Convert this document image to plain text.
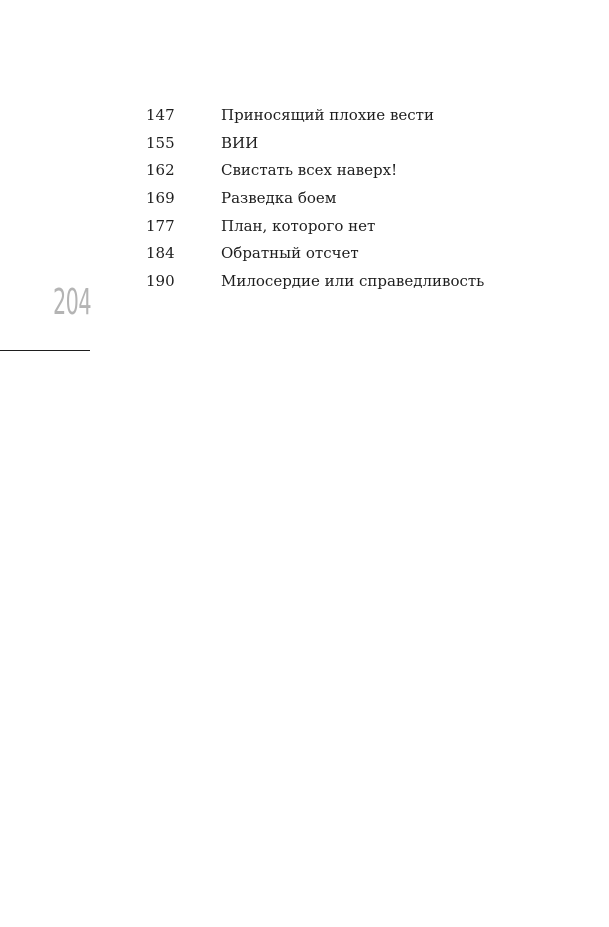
147	Приносящий плохие вести
155	ВИИ
162	Свистать всех наверх!
169	Разведка боем
177	План, которого нет
184	Обратный отсчет
190	Милосердие или справедливость
204
